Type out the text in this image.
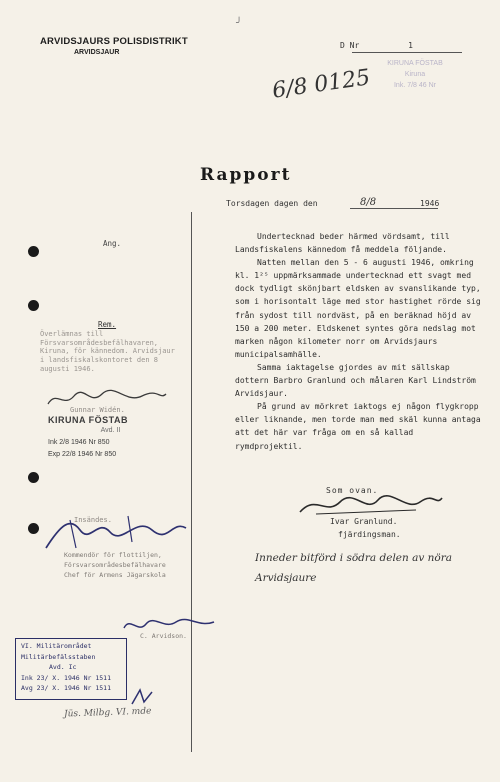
╯
ARVIDSJAURS POLISDISTRIKT
ARVIDSJAUR
D Nr	1
KIRUNA FÖSTAB
Kiruna
Ink. 7/8 46 Nr
6/8 0125
Rapport
Torsdagen dagen den	8/8	1946
Ang.

Undertecknad beder härmed vördsamt, till Landsfiskalens kännedom få meddela följande.

Natten mellan den 5 - 6 augusti 1946, omkring kl. 1²⁵ uppmärksammade undertecknad ett svagt med dock tydligt skönjbart eldsken av svanslikande typ, som i horisontalt läge med stor hastighet rörde sig från sydost till nordväst, på en beräknad höjd av 150 a 200 meter. Eldskenet syntes göra nedslag mot marken någon kilometer norr om Arvidsjaurs municipalsamhälle.

Samma iaktagelse gjordes av mit sällskap dottern Barbro Granlund och målaren Karl Lindström Arvidsjaur.

På grund av mörkret iaktogs ej någon flygkropp eller liknande, men torde man med skäl kunna antaga att det här var fråga om en så kallad rymdprojektil.

Som ovan.
Ivar Granlund.
fjärdingsman.
Inneder bitförd i södra delen av nöra Arvidsjaure
Rem.
Överlämnas till Försvarsområdesbefälhavaren, Kiruna, för kännedom. Arvidsjaur i landsfiskalskontoret den 8 augusti 1946.
Gunnar Widén.
KIRUNA FÖSTAB
Avd. II
Ink 2/8 1946 Nr 850
Exp 22/8 1946 Nr 850
Insändes.
Kommendör för flottiljen,
Försvarsområdesbefälhavare
Chef för Armens Jägarskola
C. Arvidson.
VI. Militärområdet
Militärbefälsstaben
Avd. Ic
Ink 23/ X. 1946 Nr 1511
Avg 23/ X. 1946 Nr 1511
Jüs. Milbg. VI. mde
